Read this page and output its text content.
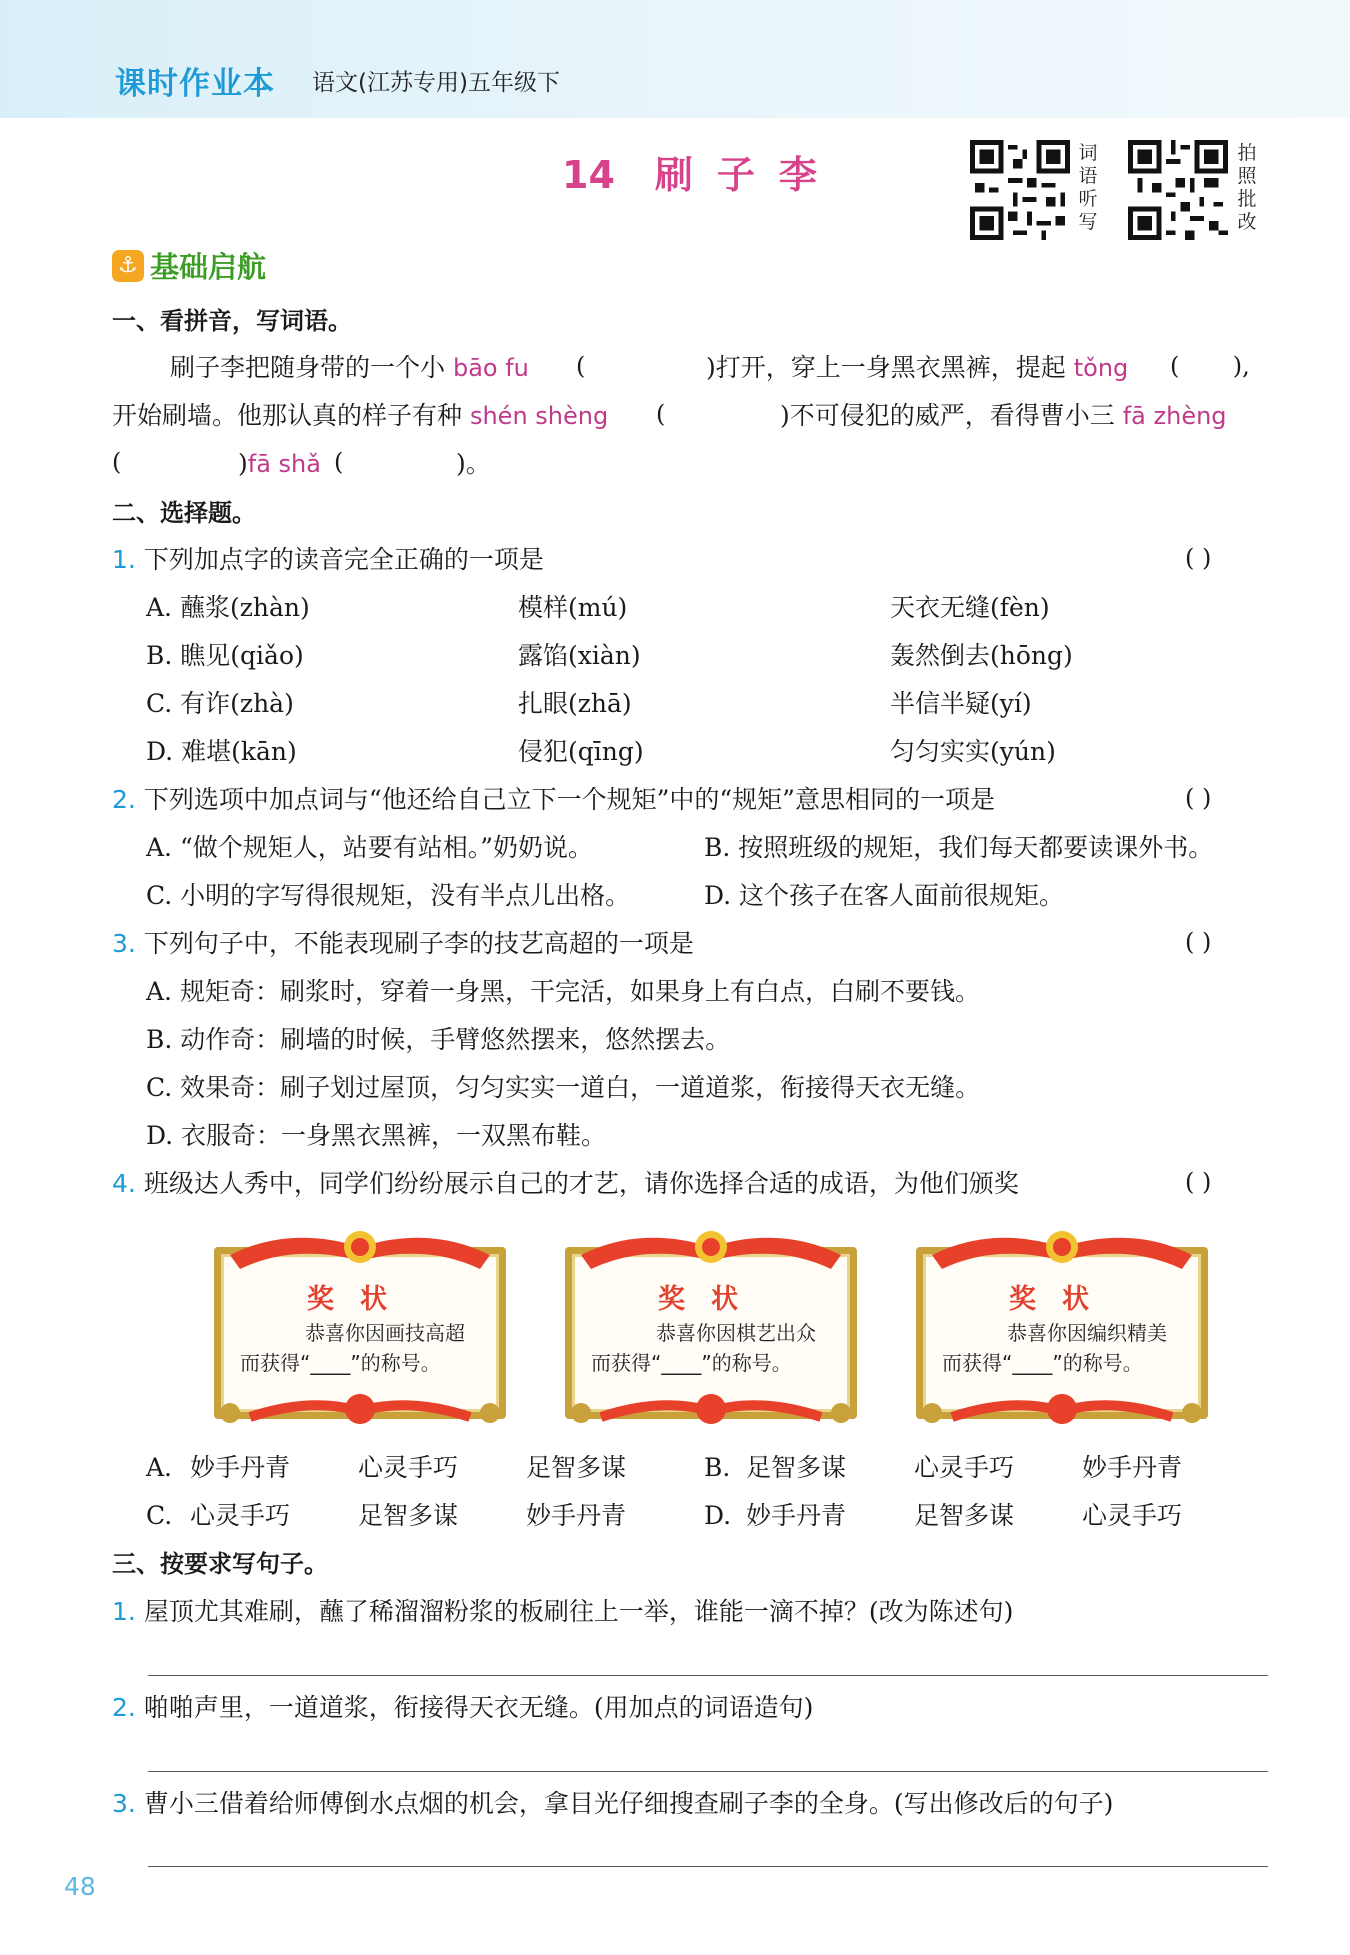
课时作业本 语文(江苏专用)五年级下
14 刷子李	词语听写
拍照批改
⚓ 基础启航
一、看拼音，写词语。
刷子李把随身带的一个小 bāo fu (	)打开，穿上一身黑衣黑裤，提起 tǒng (       ),
开始刷墙。他那认真的样子有种 shén shèng (	)不可侵犯的威严，看得曹小三 fā zhèng
(	)fā shǎ (	)。
二、选择题。
1. 下列加点字的读音完全正确的一项是	( )
A. 蘸浆(zhàn)	模样(mú)	天衣无缝(fèn)
B. 瞧见(qiǎo)	露馅(xiàn)	轰然倒去(hōng)
C. 有诈(zhà)	扎眼(zhā)	半信半疑(yí)
D. 难堪(kān)	侵犯(qīng)	匀匀实实(yún)
2. 下列选项中加点词与“他还给自己立下一个规矩”中的“规矩”意思相同的一项是	( )
A. “做个规矩人，站要有站相。”奶奶说。	B. 按照班级的规矩，我们每天都要读课外书。
C. 小明的字写得很规矩，没有半点儿出格。	D. 这个孩子在客人面前很规矩。
3. 下列句子中，不能表现刷子李的技艺高超的一项是	( )
A. 规矩奇：刷浆时，穿着一身黑，干完活，如果身上有白点，白刷不要钱。
B. 动作奇：刷墙的时候，手臂悠然摆来，悠然摆去。
C. 效果奇：刷子划过屋顶，匀匀实实一道白，一道道浆，衔接得天衣无缝。
D. 衣服奇：一身黑衣黑裤，一双黑布鞋。
4. 班级达人秀中，同学们纷纷展示自己的才艺，请你选择合适的成语，为他们颁奖	( )
奖状
恭喜你因画技高超
而获得“____”的称号。
奖状
恭喜你因棋艺出众
而获得“____”的称号。
奖状
恭喜你因编织精美
而获得“____”的称号。
A. 妙手丹青	心灵手巧	足智多谋	B. 足智多谋	心灵手巧	妙手丹青
C. 心灵手巧	足智多谋	妙手丹青	D. 妙手丹青	足智多谋	心灵手巧
三、按要求写句子。
1. 屋顶尤其难刷，蘸了稀溜溜粉浆的板刷往上一举，谁能一滴不掉？(改为陈述句)
2. 啪啪声里，一道道浆，衔接得天衣无缝。(用加点的词语造句)
3. 曹小三借着给师傅倒水点烟的机会，拿目光仔细搜查刷子李的全身。(写出修改后的句子)
48
